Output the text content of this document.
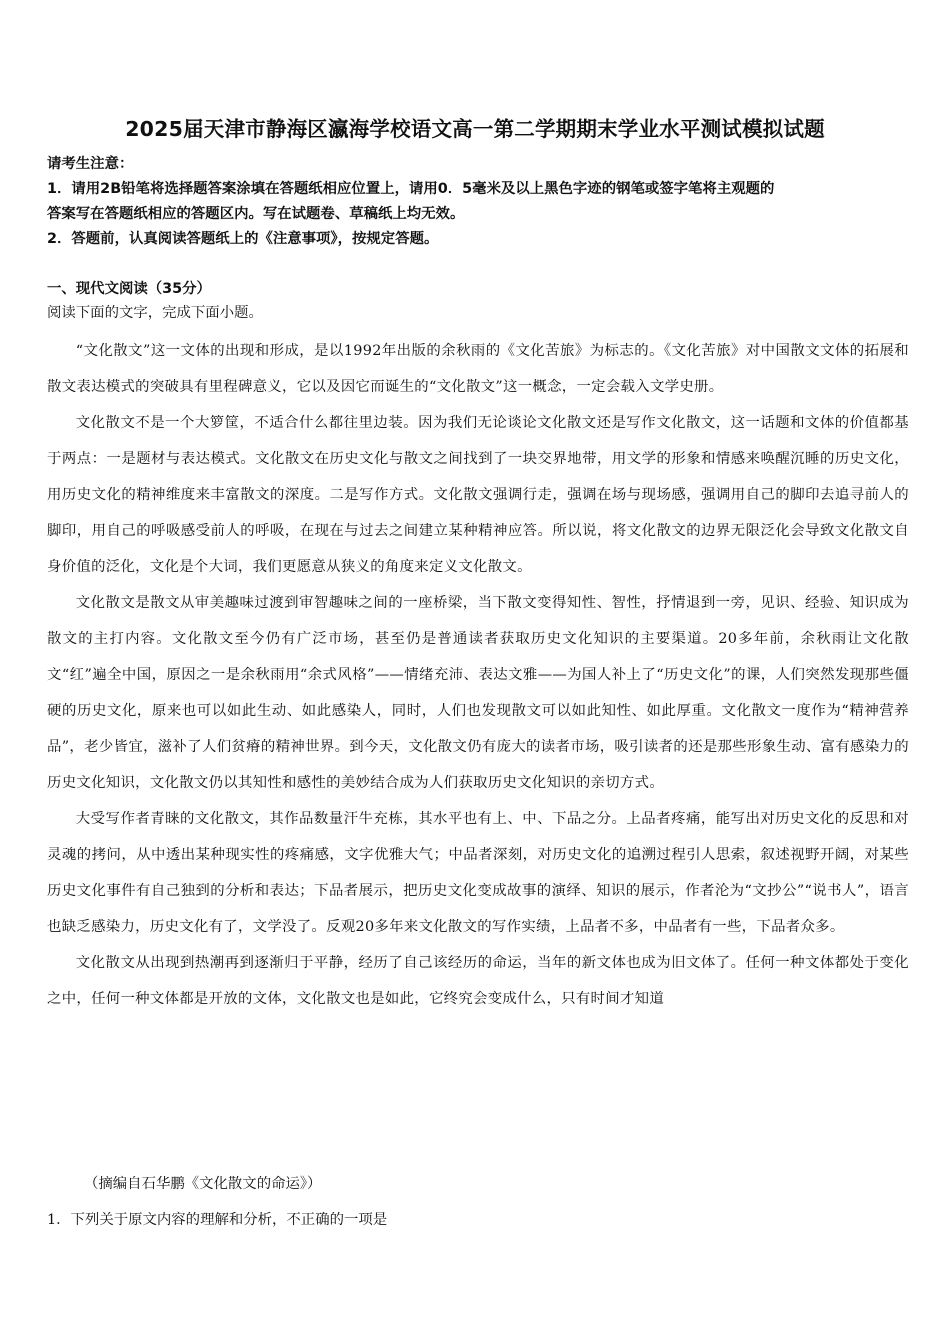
2025届天津市静海区瀛海学校语文高一第二学期期末学业水平测试模拟试题
请考生注意：
1．请用2B铅笔将选择题答案涂填在答题纸相应位置上，请用0．5毫米及以上黑色字迹的钢笔或签字笔将主观题的
答案写在答题纸相应的答题区内。写在试题卷、草稿纸上均无效。
2．答题前，认真阅读答题纸上的《注意事项》，按规定答题。
一、现代文阅读（35分）
阅读下面的文字，完成下面小题。
“文化散文”这一文体的出现和形成，是以1992年出版的余秋雨的《文化苦旅》为标志的。《文化苦旅》对中国散文文体的拓展和散文表达模式的突破具有里程碑意义，它以及因它而诞生的“文化散文”这一概念，一定会载入文学史册。
文化散文不是一个大箩筐，不适合什么都往里边装。因为我们无论谈论文化散文还是写作文化散文，这一话题和文体的价值都基于两点：一是题材与表达模式。文化散文在历史文化与散文之间找到了一块交界地带，用文学的形象和情感来唤醒沉睡的历史文化，用历史文化的精神维度来丰富散文的深度。二是写作方式。文化散文强调行走，强调在场与现场感，强调用自己的脚印去追寻前人的脚印，用自己的呼吸感受前人的呼吸，在现在与过去之间建立某种精神应答。所以说，将文化散文的边界无限泛化会导致文化散文自身价值的泛化，文化是个大词，我们更愿意从狭义的角度来定义文化散文。
文化散文是散文从审美趣味过渡到审智趣味之间的一座桥梁，当下散文变得知性、智性，抒情退到一旁，见识、经验、知识成为散文的主打内容。文化散文至今仍有广泛市场，甚至仍是普通读者获取历史文化知识的主要渠道。20多年前，余秋雨让文化散文“红”遍全中国，原因之一是余秋雨用“余式风格”——情绪充沛、表达文雅——为国人补上了“历史文化”的课，人们突然发现那些僵硬的历史文化，原来也可以如此生动、如此感染人，同时，人们也发现散文可以如此知性、如此厚重。文化散文一度作为“精神营养品”，老少皆宜，滋补了人们贫瘠的精神世界。到今天，文化散文仍有庞大的读者市场，吸引读者的还是那些形象生动、富有感染力的历史文化知识，文化散文仍以其知性和感性的美妙结合成为人们获取历史文化知识的亲切方式。
大受写作者青睐的文化散文，其作品数量汗牛充栋，其水平也有上、中、下品之分。上品者疼痛，能写出对历史文化的反思和对灵魂的拷问，从中透出某种现实性的疼痛感，文字优雅大气；中品者深刻，对历史文化的追溯过程引人思索，叙述视野开阔，对某些历史文化事件有自己独到的分析和表达；下品者展示，把历史文化变成故事的演绎、知识的展示，作者沦为“文抄公”“说书人”，语言也缺乏感染力，历史文化有了，文学没了。反观20多年来文化散文的写作实绩，上品者不多，中品者有一些，下品者众多。
文化散文从出现到热潮再到逐渐归于平静，经历了自己该经历的命运，当年的新文体也成为旧文体了。任何一种文体都处于变化之中，任何一种文体都是开放的文体，文化散文也是如此，它终究会变成什么，只有时间才知道
（摘编自石华鹏《文化散文的命运》）
1．下列关于原文内容的理解和分析，不正确的一项是
